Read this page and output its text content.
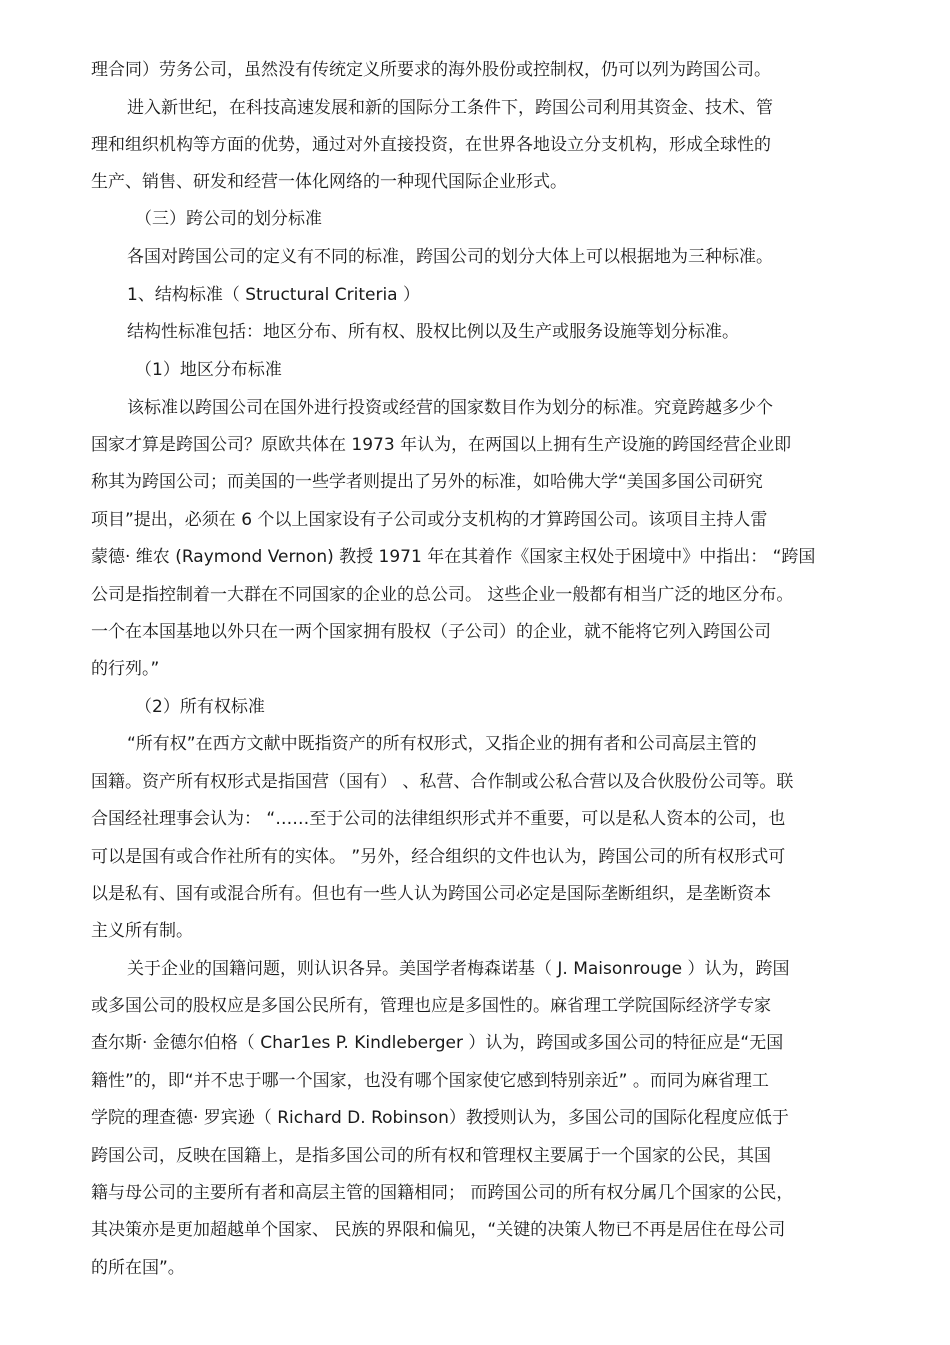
理合同）劳务公司，虽然没有传统定义所要求的海外股份或控制权，仍可以列为跨国公司。
进入新世纪，在科技高速发展和新的国际分工条件下，跨国公司利用其资金、技术、管
理和组织机构等方面的优势，通过对外直接投资，在世界各地设立分支机构，形成全球性的
生产、销售、研发和经营一体化网络的一种现代国际企业形式。
（三）跨公司的划分标准
各国对跨国公司的定义有不同的标准，跨国公司的划分大体上可以根据地为三种标准。
1、结构标准（ Structural Criteria ）
结构性标准包括：地区分布、所有权、股权比例以及生产或服务设施等划分标准。
（1）地区分布标准
该标准以跨国公司在国外进行投资或经营的国家数目作为划分的标准。究竟跨越多少个
国家才算是跨国公司？原欧共体在 1973 年认为，在两国以上拥有生产设施的跨国经营企业即
称其为跨国公司；而美国的一些学者则提出了另外的标准，如哈佛大学“美国多国公司研究
项目”提出，必须在 6 个以上国家设有子公司或分支机构的才算跨国公司。该项目主持人雷
蒙德· 维农 (Raymond Vernon) 教授 1971 年在其着作《国家主权处于困境中》中指出： “跨国
公司是指控制着一大群在不同国家的企业的总公司。 这些企业一般都有相当广泛的地区分布。
一个在本国基地以外只在一两个国家拥有股权（子公司）的企业，就不能将它列入跨国公司
的行列。”
（2）所有权标准
“所有权”在西方文献中既指资产的所有权形式，又指企业的拥有者和公司高层主管的
国籍。资产所有权形式是指国营（国有） 、私营、合作制或公私合营以及合伙股份公司等。联
合国经社理事会认为： “……至于公司的法律组织形式并不重要，可以是私人资本的公司，也
可以是国有或合作社所有的实体。 ”另外，经合组织的文件也认为，跨国公司的所有权形式可
以是私有、国有或混合所有。但也有一些人认为跨国公司必定是国际垄断组织，是垄断资本
主义所有制。
关于企业的国籍问题，则认识各异。美国学者梅森诺基（ J. Maisonrouge ）认为，跨国
或多国公司的股权应是多国公民所有，管理也应是多国性的。麻省理工学院国际经济学专家
查尔斯· 金德尔伯格（ Char1es P. Kindleberger ）认为，跨国或多国公司的特征应是“无国
籍性”的，即“并不忠于哪一个国家，也没有哪个国家使它感到特别亲近” 。而同为麻省理工
学院的理查德· 罗宾逊（ Richard D. Robinson）教授则认为，多国公司的国际化程度应低于
跨国公司，反映在国籍上，是指多国公司的所有权和管理权主要属于一个国家的公民，其国
籍与母公司的主要所有者和高层主管的国籍相同； 而跨国公司的所有权分属几个国家的公民，
其决策亦是更加超越单个国家、 民族的界限和偏见，“关键的决策人物已不再是居住在母公司
的所在国”。
